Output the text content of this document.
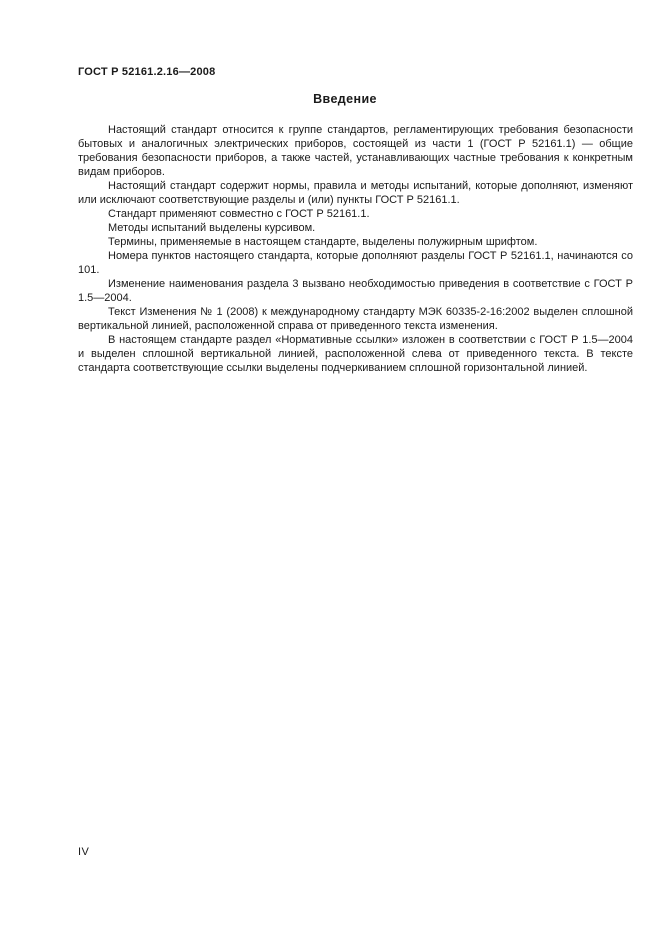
ГОСТ Р 52161.2.16—2008
Введение

Настоящий стандарт относится к группе стандартов, регламентирующих требования безопасности бытовых и аналогичных электрических приборов, состоящей из части 1 (ГОСТ Р 52161.1) — общие требования безопасности приборов, а также частей, устанавливающих частные требования к конкретным видам приборов.

Настоящий стандарт содержит нормы, правила и методы испытаний, которые дополняют, изменяют или исключают соответствующие разделы и (или) пункты ГОСТ Р 52161.1.

Стандарт применяют совместно с ГОСТ Р 52161.1.

Методы испытаний выделены курсивом.

Термины, применяемые в настоящем стандарте, выделены полужирным шрифтом.

Номера пунктов настоящего стандарта, которые дополняют разделы ГОСТ Р 52161.1, начинаются со 101.

Изменение наименования раздела 3 вызвано необходимостью приведения в соответствие с ГОСТ Р 1.5—2004.

Текст Изменения № 1 (2008) к международному стандарту МЭК 60335-2-16:2002 выделен сплошной вертикальной линией, расположенной справа от приведенного текста изменения.

В настоящем стандарте раздел «Нормативные ссылки» изложен в соответствии с ГОСТ Р 1.5—2004 и выделен сплошной вертикальной линией, расположенной слева от приведенного текста. В тексте стандарта соответствующие ссылки выделены подчеркиванием сплошной горизонтальной линией.

IV
